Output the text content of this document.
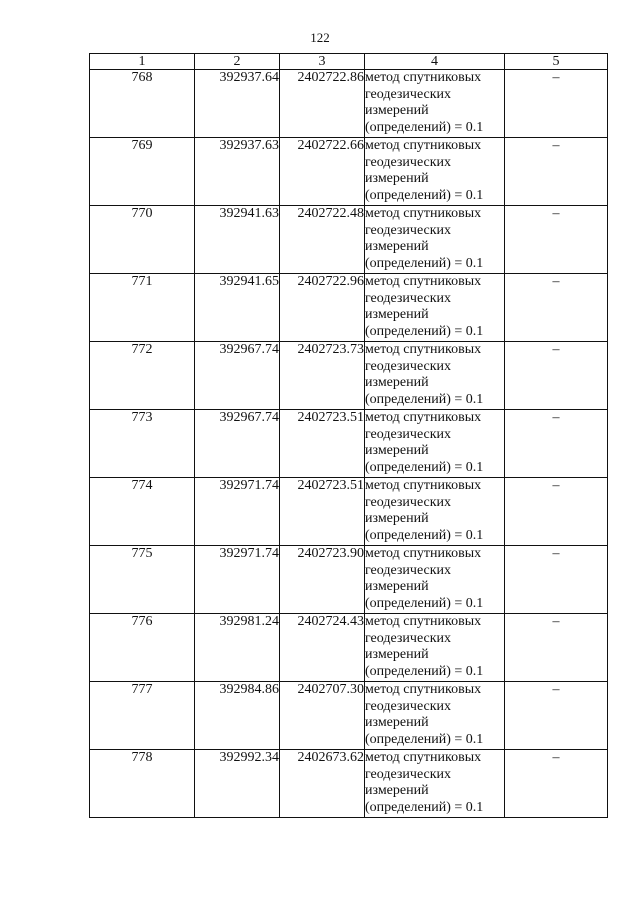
122
1	2	3	4	5
768	392937.64	2402722.86	метод спутниковых
геодезических
измерений
(определений) = 0.1	–
769	392937.63	2402722.66	метод спутниковых
геодезических
измерений
(определений) = 0.1	–
770	392941.63	2402722.48	метод спутниковых
геодезических
измерений
(определений) = 0.1	–
771	392941.65	2402722.96	метод спутниковых
геодезических
измерений
(определений) = 0.1	–
772	392967.74	2402723.73	метод спутниковых
геодезических
измерений
(определений) = 0.1	–
773	392967.74	2402723.51	метод спутниковых
геодезических
измерений
(определений) = 0.1	–
774	392971.74	2402723.51	метод спутниковых
геодезических
измерений
(определений) = 0.1	–
775	392971.74	2402723.90	метод спутниковых
геодезических
измерений
(определений) = 0.1	–
776	392981.24	2402724.43	метод спутниковых
геодезических
измерений
(определений) = 0.1	–
777	392984.86	2402707.30	метод спутниковых
геодезических
измерений
(определений) = 0.1	–
778	392992.34	2402673.62	метод спутниковых
геодезических
измерений
(определений) = 0.1	–
